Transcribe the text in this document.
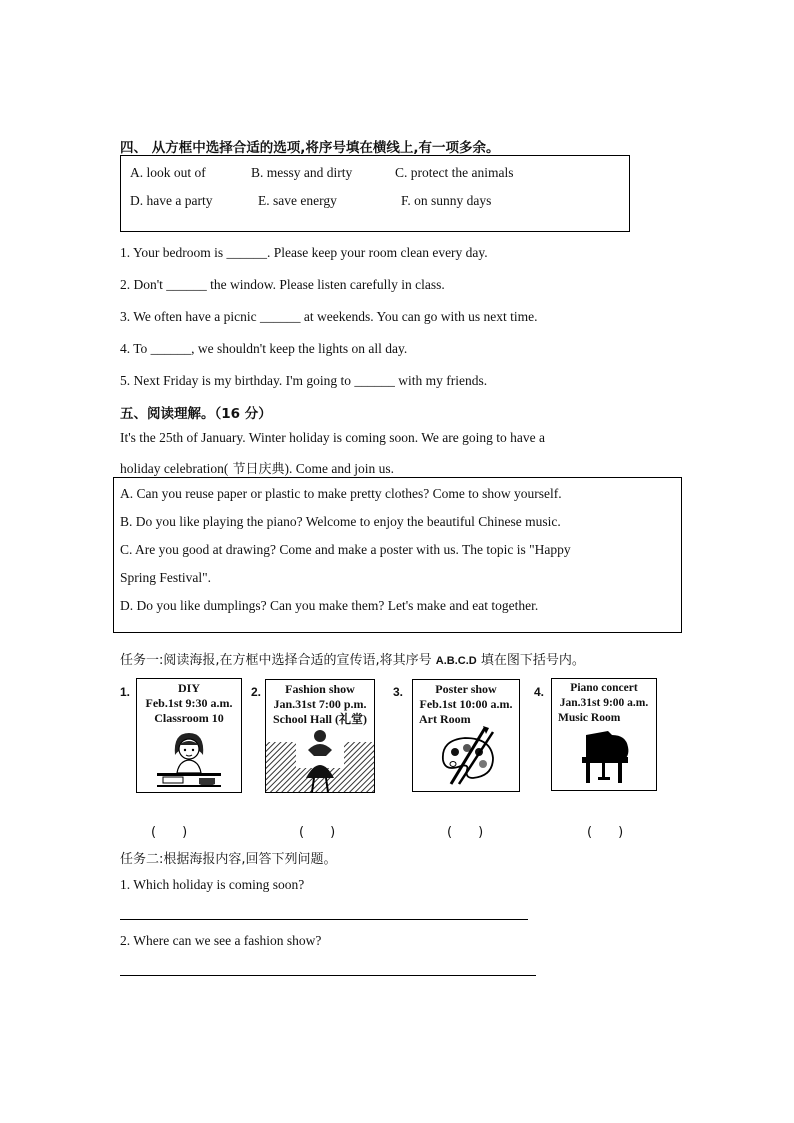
四、 从方框中选择合适的选项,将序号填在横线上,有一项多余。
A. look out of	B. messy and dirty	C. protect the animals
D. have a party	E. save energy	F. on sunny days
1. Your bedroom is ______. Please keep your room clean every day.
2. Don't ______ the window. Please listen carefully in class.
3. We often have a picnic ______ at weekends. You can go with us next time.
4. To ______, we shouldn't keep the lights on all day.
5. Next Friday is my birthday. I'm going to ______ with my friends.
五、阅读理解。（16 分）
It's the 25th of January. Winter holiday is coming soon. We are going to have a
holiday celebration( 节日庆典). Come and join us.
A. Can you reuse paper or plastic to make pretty clothes? Come to show yourself.
B. Do you like playing the piano? Welcome to enjoy the beautiful Chinese music.
C. Are you good at drawing? Come and make a poster with us. The topic is "Happy
Spring Festival".
D. Do you like dumplings? Can you make them? Let's make and eat together.
任务一:阅读海报,在方框中选择合适的宣传语,将其序号 A.B.C.D 填在图下括号内。
1.	DIY
Feb.1st 9:30 a.m.
Classroom 10
2.	Fashion show
Jan.31st 7:00 p.m.
School Hall (礼堂)
3.	Poster show
Feb.1st 10:00 a.m.
Art Room
4.	Piano concert
Jan.31st 9:00 a.m.
Music Room
(　　)	(　　)	(　　)	(　　)
任务二:根据海报内容,回答下列问题。
1. Which holiday is coming soon?
2. Where can we see a fashion show?
